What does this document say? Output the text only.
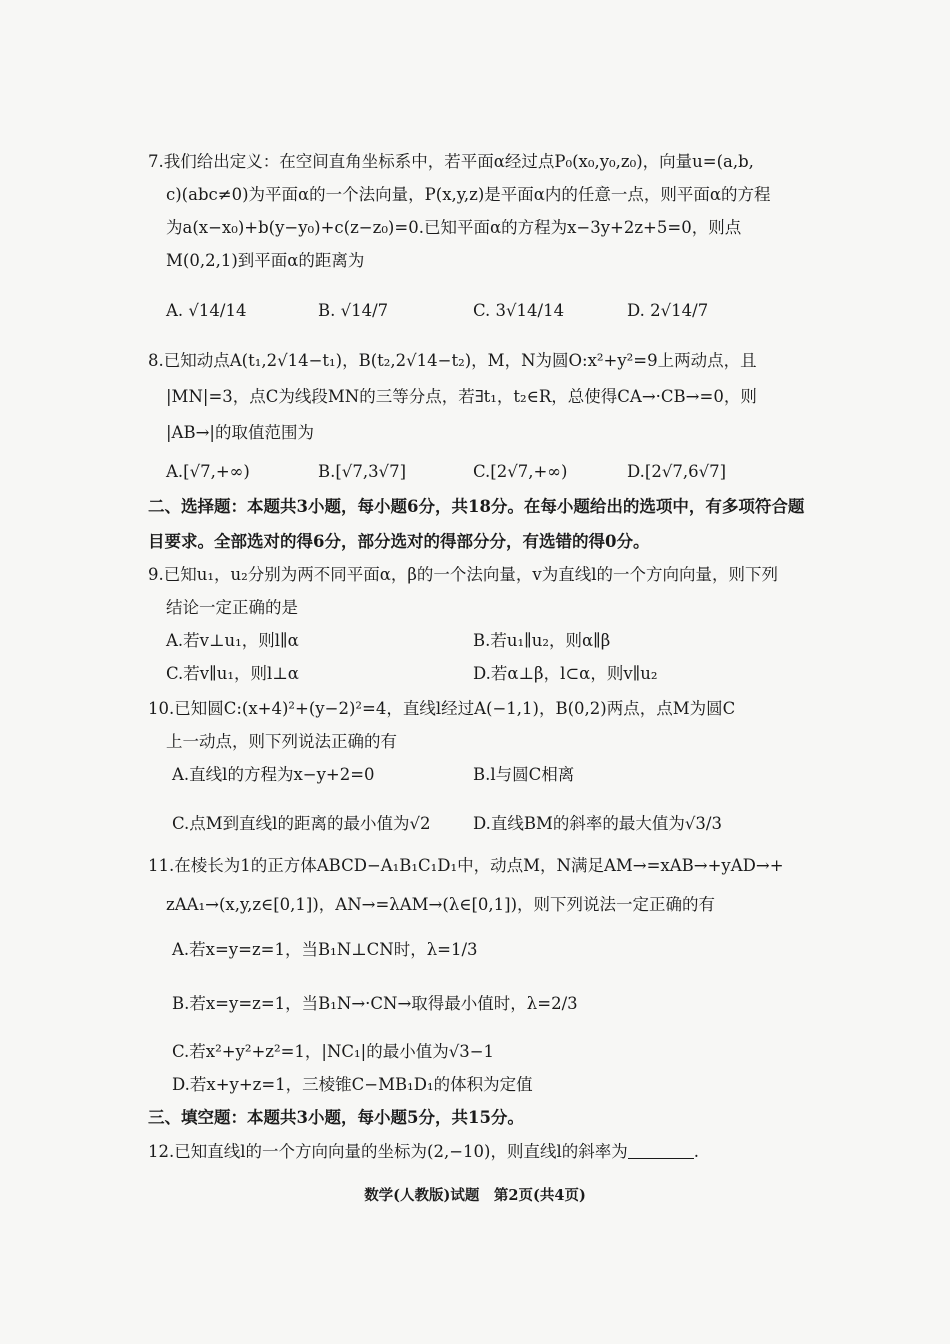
7.我们给出定义：在空间直角坐标系中，若平面α经过点P₀(x₀,y₀,z₀)，向量u=(a,b,
c)(abc≠0)为平面α的一个法向量，P(x,y,z)是平面α内的任意一点，则平面α的方程
为a(x−x₀)+b(y−y₀)+c(z−z₀)=0.已知平面α的方程为x−3y+2z+5=0，则点
M(0,2,1)到平面α的距离为
A. √14/14	B. √14/7	C. 3√14/14	D. 2√14/7
8.已知动点A(t₁,2√14−t₁)，B(t₂,2√14−t₂)，M，N为圆O:x²+y²=9上两动点，且
|MN|=3，点C为线段MN的三等分点，若∃t₁，t₂∈R，总使得CA→·CB→=0，则
|AB→|的取值范围为
A.[√7,+∞)	B.[√7,3√7]	C.[2√7,+∞)	D.[2√7,6√7]
二、选择题：本题共3小题，每小题6分，共18分。在每小题给出的选项中，有多项符合题
目要求。全部选对的得6分，部分选对的得部分分，有选错的得0分。
9.已知u₁，u₂分别为两不同平面α，β的一个法向量，v为直线l的一个方向向量，则下列
结论一定正确的是
A.若v⊥u₁，则l∥α	B.若u₁∥u₂，则α∥β
C.若v∥u₁，则l⊥α	D.若α⊥β，l⊂α，则v∥u₂
10.已知圆C:(x+4)²+(y−2)²=4，直线l经过A(−1,1)，B(0,2)两点，点M为圆C
上一动点，则下列说法正确的有
A.直线l的方程为x−y+2=0	B.l与圆C相离
C.点M到直线l的距离的最小值为√2	D.直线BM的斜率的最大值为√3/3
11.在棱长为1的正方体ABCD−A₁B₁C₁D₁中，动点M，N满足AM→=xAB→+yAD→+
zAA₁→(x,y,z∈[0,1])，AN→=λAM→(λ∈[0,1])，则下列说法一定正确的有
A.若x=y=z=1，当B₁N⊥CN时，λ=1/3
B.若x=y=z=1，当B₁N→·CN→取得最小值时，λ=2/3
C.若x²+y²+z²=1，|NC₁|的最小值为√3−1
D.若x+y+z=1，三棱锥C−MB₁D₁的体积为定值
三、填空题：本题共3小题，每小题5分，共15分。
12.已知直线l的一个方向向量的坐标为(2,−10)，则直线l的斜率为	.
数学(人教版)试题　第2页(共4页)
